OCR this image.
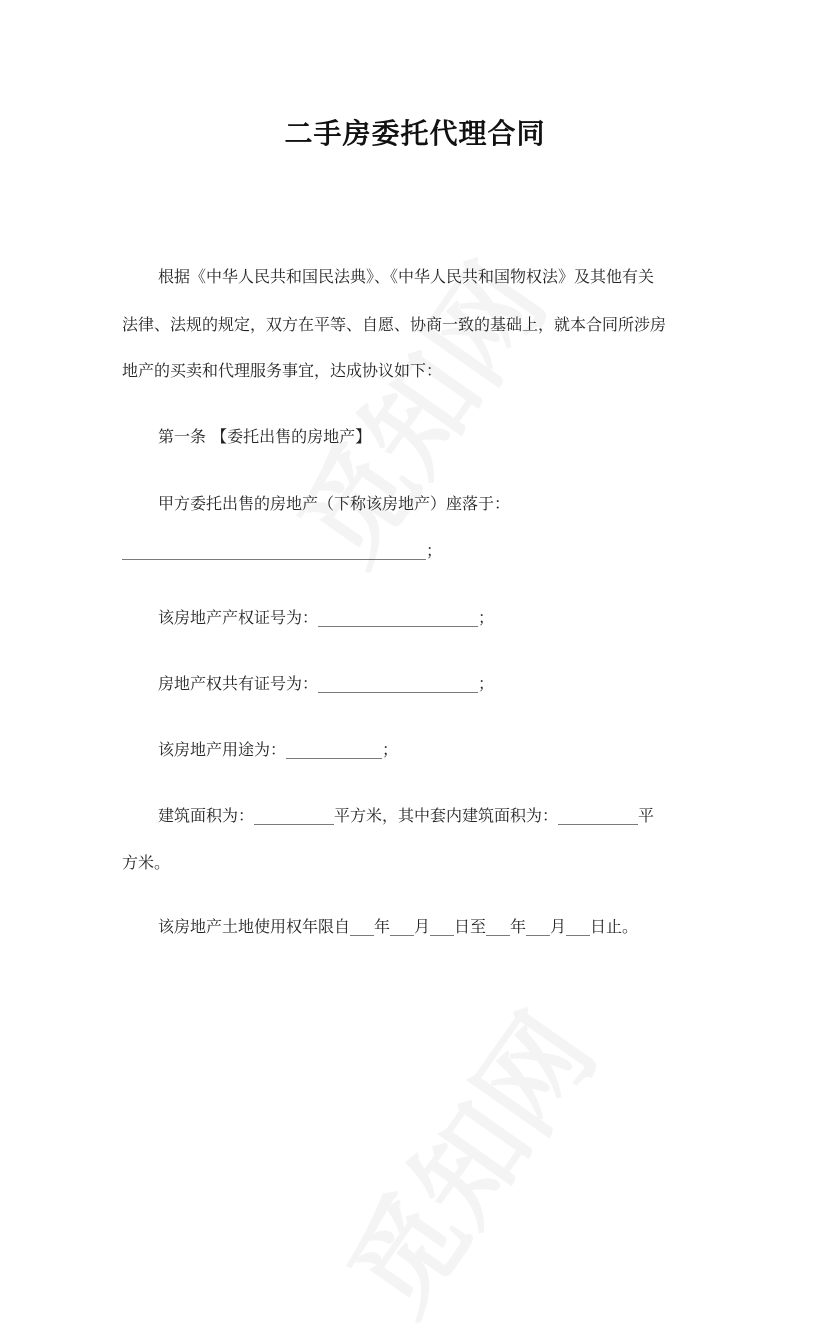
二手房委托代理合同
根据《中华人民共和国民法典》、《中华人民共和国物权法》及其他有关
法律、法规的规定，双方在平等、自愿、协商一致的基础上，就本合同所涉房
地产的买卖和代理服务事宜，达成协议如下：
第一条 【委托出售的房地产】
甲方委托出售的房地产（下称该房地产）座落于：
______________________________________；
该房地产产权证号为：____________________；
房地产权共有证号为：____________________；
该房地产用途为：____________；
建筑面积为：__________平方米，其中套内建筑面积为：__________平
方米。
该房地产土地使用权年限自___年___月___日至___年___月___日止。
